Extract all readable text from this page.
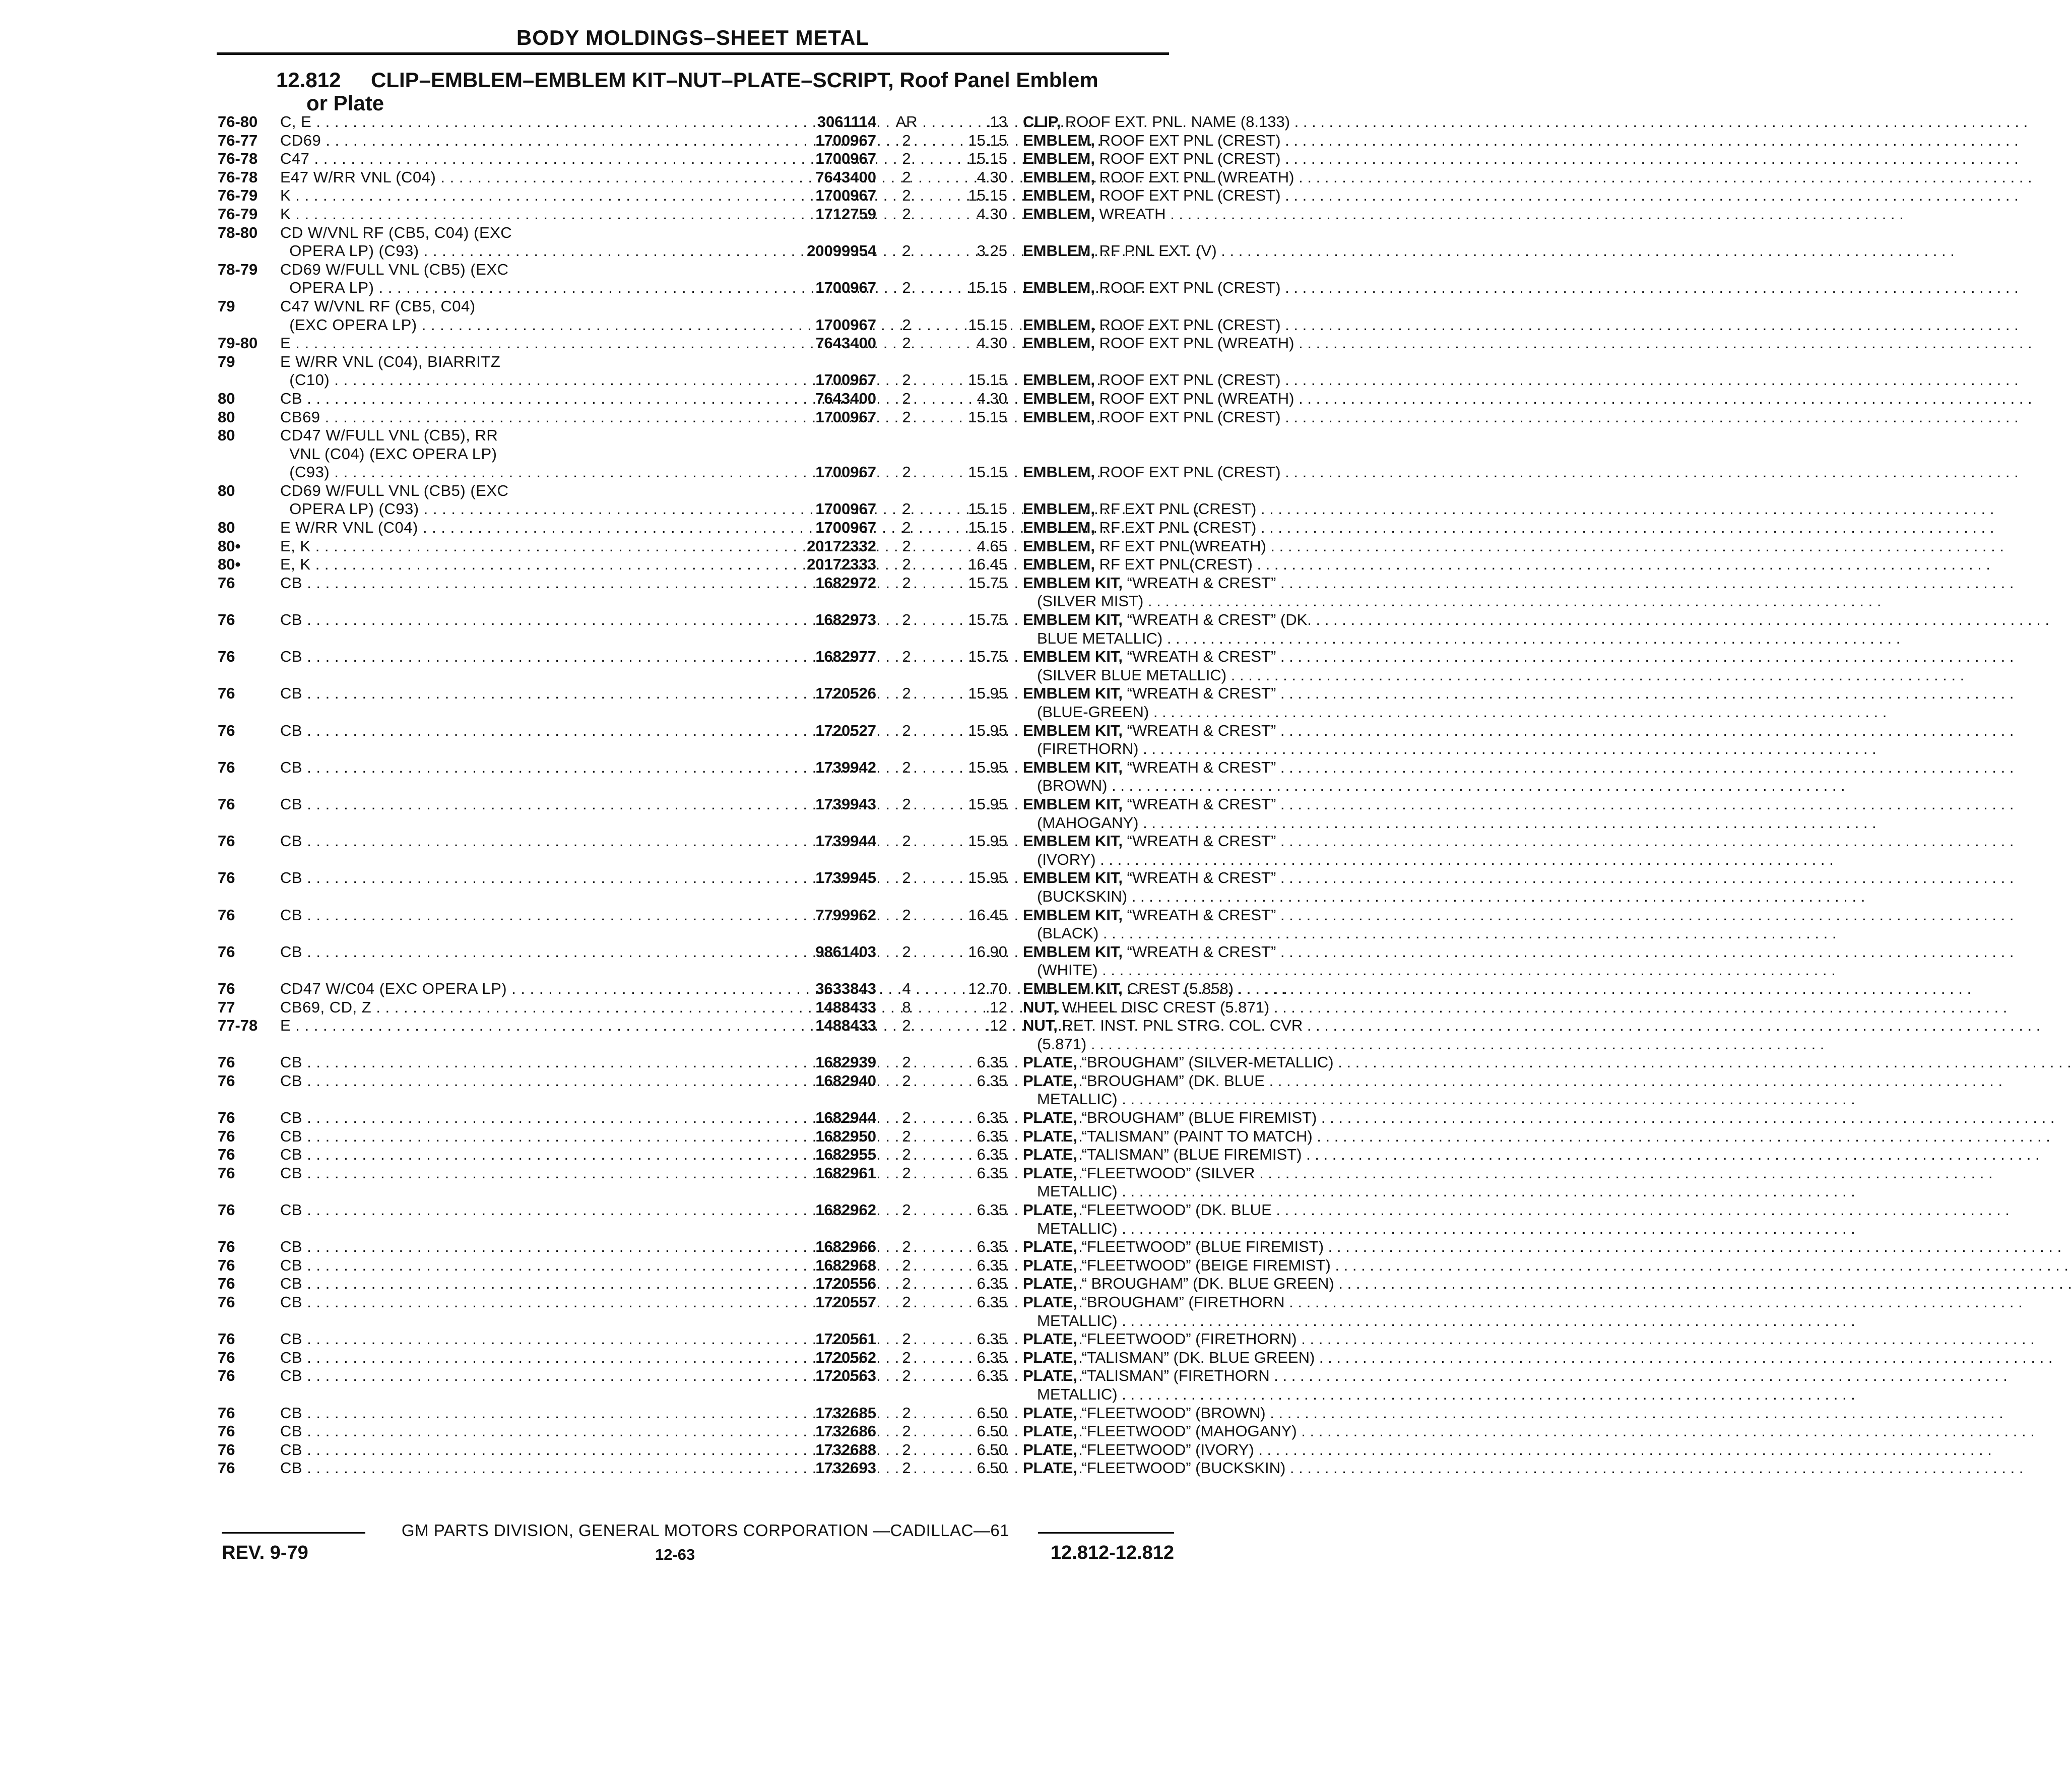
BODY MOLDINGS–SHEET METAL
12.812 CLIP–EMBLEM–EMBLEM KIT–NUT–PLATE–SCRIPT, Roof Panel Emblem
or Plate
76-80	C, E . . .	3061114	AR	.13 CLIP, ROOF EXT. PNL. NAME (8.133) . . .
76-77	CD69 . . .	1700967	2	15.15 EMBLEM, ROOF EXT PNL (CREST) . . .
76-78	C47 . . .	1700967	2	15.15 EMBLEM, ROOF EXT PNL (CREST) . . .
76-78	E47 W/RR VNL (C04) . . .	7643400	2	4.30 EMBLEM, ROOF EXT PNL (WREATH) . . .
76-79	K . . .	1700967	2	15.15 EMBLEM, ROOF EXT PNL (CREST) . . .
76-79	K . . .	1712759	2	4.30 EMBLEM, WREATH . . .
78-80	CD W/VNL RF (CB5, C04) (EXC
OPERA LP) (C93) . . .	20099954	2	3.25 EMBLEM, RF PNL EXT. (V) . . .
78-79	CD69 W/FULL VNL (CB5) (EXC
OPERA LP) . . .	1700967	2	15.15 EMBLEM, ROOF EXT PNL (CREST) . . .
79	C47 W/VNL RF (CB5, C04)
(EXC OPERA LP) . . .	1700967	2	15.15 EMBLEM, ROOF EXT PNL (CREST) . . .
79-80	E . . .	7643400	2	4.30 EMBLEM, ROOF EXT PNL (WREATH) . . .
79	E W/RR VNL (C04), BIARRITZ
(C10) . . .	1700967	2	15.15 EMBLEM, ROOF EXT PNL (CREST) . . .
80	CB . . .	7643400	2	4.30 EMBLEM, ROOF EXT PNL (WREATH) . . .
80	CB69 . . .	1700967	2	15.15 EMBLEM, ROOF EXT PNL (CREST) . . .
80	CD47 W/FULL VNL (CB5), RR
VNL (C04) (EXC OPERA LP)
(C93) . . .	1700967	2	15.15 EMBLEM, ROOF EXT PNL (CREST) . . .
80	CD69 W/FULL VNL (CB5) (EXC
OPERA LP) (C93) . . .	1700967	2	15.15 EMBLEM, RF EXT PNL (CREST) . . .
80	E W/RR VNL (C04) . . .	1700967	2	15.15 EMBLEM, RF EXT PNL (CREST) . . .
80•	E, K . . .	20172332	2	4.65 EMBLEM, RF EXT PNL(WREATH) . . .
80•	E, K . . .	20172333	2	16.45 EMBLEM, RF EXT PNL(CREST) . . .
76	CB . . .	1682972	2	15.75 EMBLEM KIT, “WREATH & CREST” . . .
(SILVER MIST) . . .
76	CB . . .	1682973	2	15.75 EMBLEM KIT, “WREATH & CREST” (DK. . . .
BLUE METALLIC) . . .
76	CB . . .	1682977	2	15.75 EMBLEM KIT, “WREATH & CREST” . . .
(SILVER BLUE METALLIC) . . .
76	CB . . .	1720526	2	15.95 EMBLEM KIT, “WREATH & CREST” . . .
(BLUE-GREEN) . . .
76	CB . . .	1720527	2	15.95 EMBLEM KIT, “WREATH & CREST” . . .
(FIRETHORN) . . .
76	CB . . .	1739942	2	15.95 EMBLEM KIT, “WREATH & CREST” . . .
(BROWN) . . .
76	CB . . .	1739943	2	15.95 EMBLEM KIT, “WREATH & CREST” . . .
(MAHOGANY) . . .
76	CB . . .	1739944	2	15.95 EMBLEM KIT, “WREATH & CREST” . . .
(IVORY) . . .
76	CB . . .	1739945	2	15.95 EMBLEM KIT, “WREATH & CREST” . . .
(BUCKSKIN) . . .
76	CB . . .	7799962	2	16.45 EMBLEM KIT, “WREATH & CREST” . . .
(BLACK) . . .
76	CB . . .	9861403	2	16.90 EMBLEM KIT, “WREATH & CREST” . . .
(WHITE) . . .
76	CD47 W/C04 (EXC OPERA LP) . . .	3633843	4	12.70 EMBLEM KIT, CREST (5.858) . . .
77	CB69, CD, Z . . .	1488433	8	.12 NUT, WHEEL DISC CREST (5.871) . . .
77-78	E . . .	1488433	2	.12 NUT, RET. INST. PNL STRG. COL. CVR . . .
(5.871) . . .
76	CB . . .	1682939	2	6.35 PLATE, “BROUGHAM” (SILVER-METALLIC) . . .
76	CB . . .	1682940	2	6.35 PLATE, “BROUGHAM” (DK. BLUE . . .
METALLIC) . . .
76	CB . . .	1682944	2	6.35 PLATE, “BROUGHAM” (BLUE FIREMIST) . . .
76	CB . . .	1682950	2	6.35 PLATE, “TALISMAN” (PAINT TO MATCH) . . .
76	CB . . .	1682955	2	6.35 PLATE, “TALISMAN” (BLUE FIREMIST) . . .
76	CB . . .	1682961	2	6.35 PLATE, “FLEETWOOD” (SILVER . . .
METALLIC) . . .
76	CB . . .	1682962	2	6.35 PLATE, “FLEETWOOD” (DK. BLUE . . .
METALLIC) . . .
76	CB . . .	1682966	2	6.35 PLATE, “FLEETWOOD” (BLUE FIREMIST) . . .
76	CB . . .	1682968	2	6.35 PLATE, “FLEETWOOD” (BEIGE FIREMIST) . . .
76	CB . . .	1720556	2	6.35 PLATE, “ BROUGHAM” (DK. BLUE GREEN) . . .
76	CB . . .	1720557	2	6.35 PLATE, “BROUGHAM” (FIRETHORN . . .
METALLIC) . . .
76	CB . . .	1720561	2	6.35 PLATE, “FLEETWOOD” (FIRETHORN) . . .
76	CB . . .	1720562	2	6.35 PLATE, “TALISMAN” (DK. BLUE GREEN) . . .
76	CB . . .	1720563	2	6.35 PLATE, “TALISMAN” (FIRETHORN . . .
METALLIC) . . .
76	CB . . .	1732685	2	6.50 PLATE, “FLEETWOOD” (BROWN) . . .
76	CB . . .	1732686	2	6.50 PLATE, “FLEETWOOD” (MAHOGANY) . . .
76	CB . . .	1732688	2	6.50 PLATE, “FLEETWOOD” (IVORY) . . .
76	CB . . .	1732693	2	6.50 PLATE, “FLEETWOOD” (BUCKSKIN) . . .
GM PARTS DIVISION, GENERAL MOTORS CORPORATION —CADILLAC—61
REV. 9-79	12-63	12.812-12.812
